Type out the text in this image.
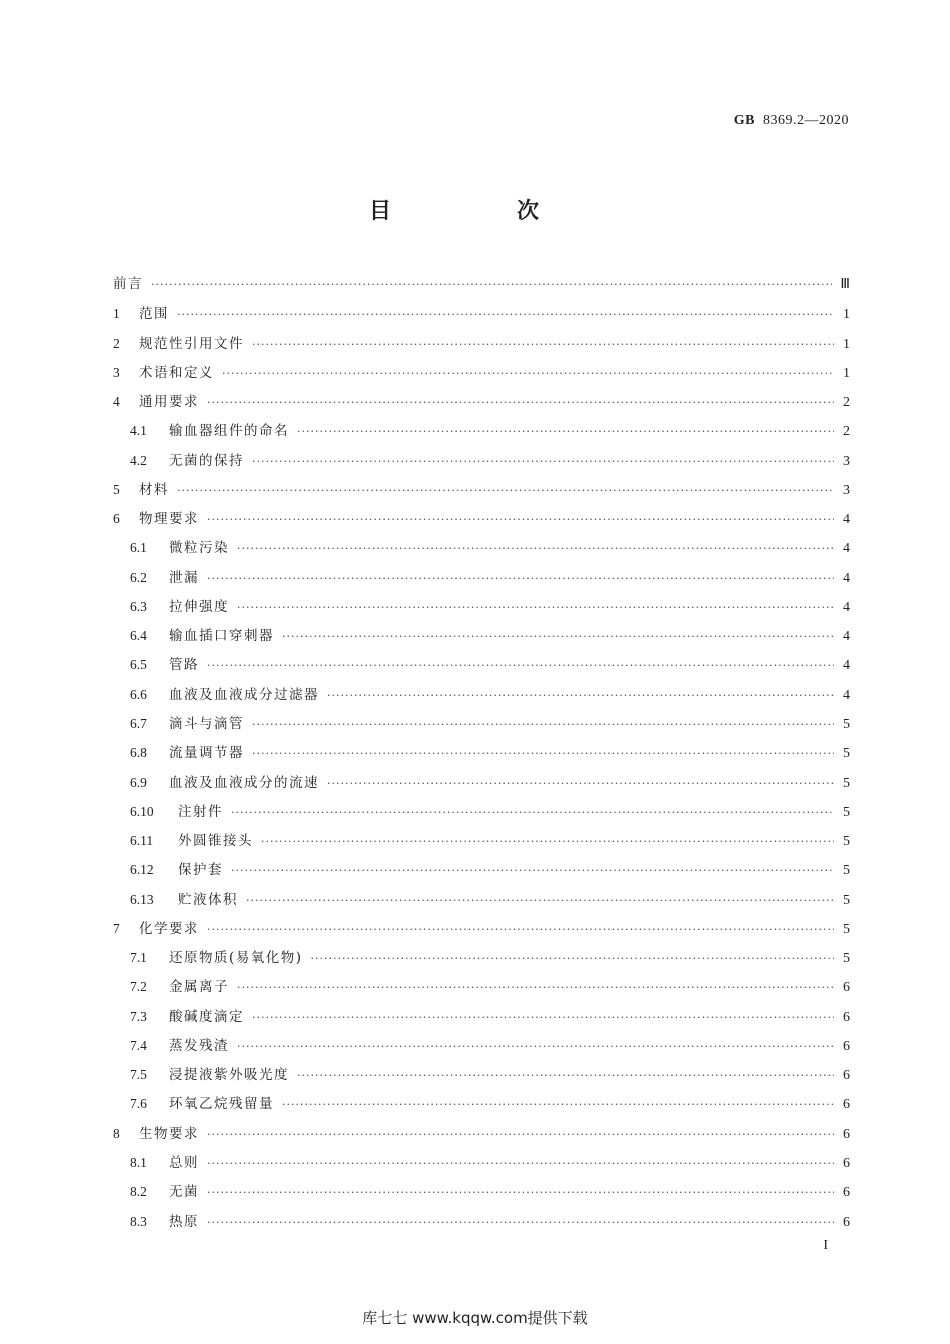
GB 8369.2—2020
目　次
前言 ·····	Ⅲ
1	范围 ·····	1
2	规范性引用文件 ·····	1
3	术语和定义 ·····	1
4	通用要求 ·····	2
4.1	输血器组件的命名 ·····	2
4.2	无菌的保持 ·····	3
5	材料 ·····	3
6	物理要求 ·····	4
6.1	微粒污染 ·····	4
6.2	泄漏 ·····	4
6.3	拉伸强度 ·····	4
6.4	输血插口穿刺器 ·····	4
6.5	管路 ·····	4
6.6	血液及血液成分过滤器 ·····	4
6.7	滴斗与滴管 ·····	5
6.8	流量调节器 ·····	5
6.9	血液及血液成分的流速 ·····	5
6.10	注射件 ·····	5
6.11	外圆锥接头 ·····	5
6.12	保护套 ·····	5
6.13	贮液体积 ·····	5
7	化学要求 ·····	5
7.1	还原物质(易氧化物) ·····	5
7.2	金属离子 ·····	6
7.3	酸碱度滴定 ·····	6
7.4	蒸发残渣 ·····	6
7.5	浸提液紫外吸光度 ·····	6
7.6	环氧乙烷残留量 ·····	6
8	生物要求 ·····	6
8.1	总则 ·····	6
8.2	无菌 ·····	6
8.3	热原 ·····	6
I
库七七 www.kqqw.com提供下载
